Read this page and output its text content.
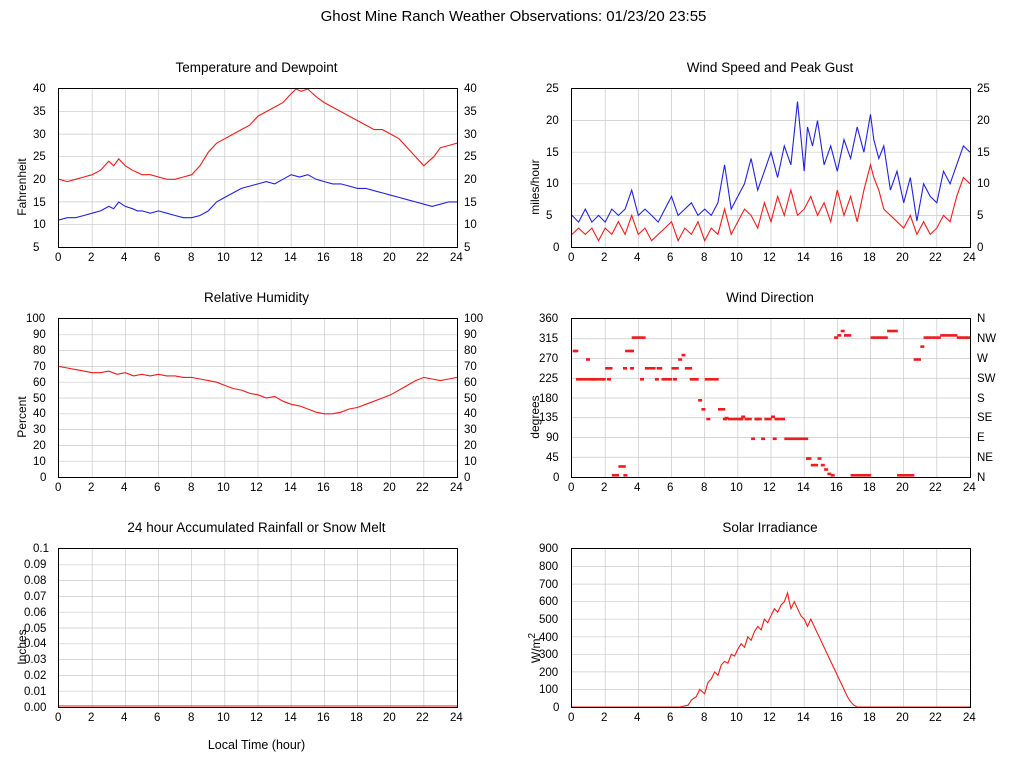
Ghost Mine Ranch Weather Observations: 01/23/20 23:55
Temperature and Dewpoint
Fahrenheit
5
10
15
20
25
30
35
40
5
10
15
20
25
30
35
40
0 2 4 6 8 10 12 14 16 18 20 22 24
Wind Speed and Peak Gust
miles/hour
0
5
10
15
20
25
0
5
10
15
20
25
0 2 4 6 8 10 12 14 16 18 20 22 24
Relative Humidity
Percent
0
10
20
30
40
50
60
70
80
90
100
0
10
20
30
40
50
60
70
80
90
100
0 2 4 6 8 10 12 14 16 18 20 22 24
Wind Direction
degrees
0
45
90
135
180
225
270
315
360
N
NE
E
SE
S
SW
W
NW
N
0 2 4 6 8 10 12 14 16 18 20 22 24
24 hour Accumulated Rainfall or Snow Melt
Inches
0.00
0.01
0.02
0.03
0.04
0.05
0.06
0.07
0.08
0.09
0.1
0 2 4 6 8 10 12 14 16 18 20 22 24
Local Time (hour)
Solar Irradiance
$W/m^2$
0
100
200
300
400
500
600
700
800
900
0 2 4 6 8 10 12 14 16 18 20 22 24
